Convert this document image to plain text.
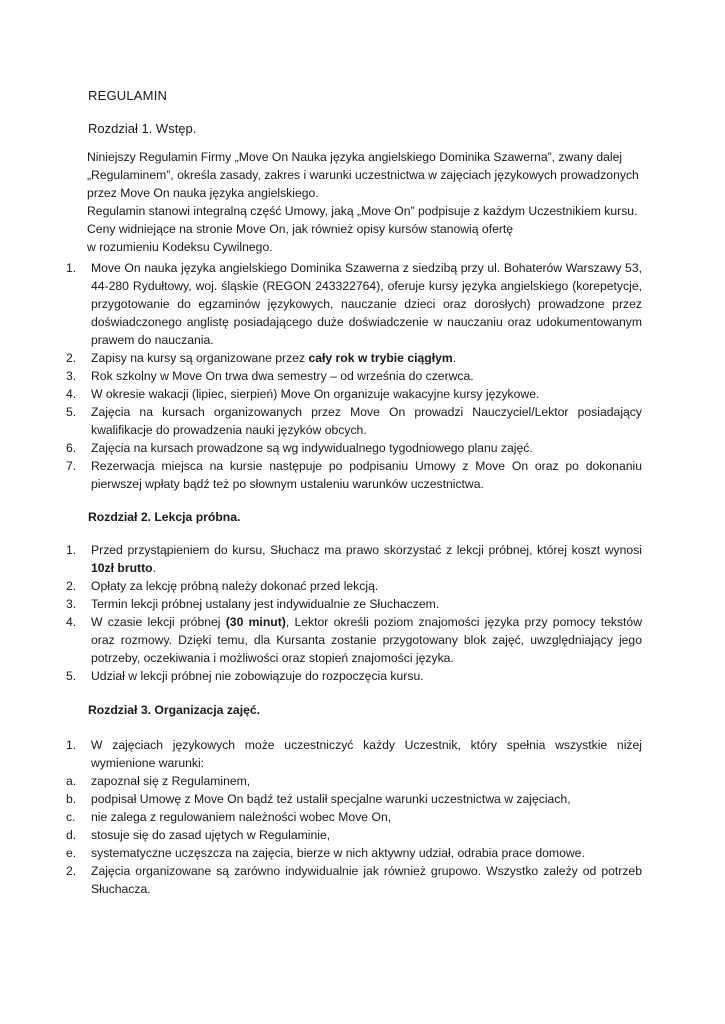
REGULAMIN
Rozdział 1. Wstęp.
Niniejszy Regulamin Firmy „Move On Nauka języka angielskiego Dominika Szawerna”, zwany dalej
„Regulaminem”, określa zasady, zakres i warunki uczestnictwa w zajęciach językowych prowadzonych
przez Move On nauka języka angielskiego.
Regulamin stanowi integralną część Umowy, jaką „Move On” podpisuje z każdym Uczestnikiem kursu.
Ceny widniejące na stronie Move On, jak również opisy kursów stanowią ofertę
w rozumieniu Kodeksu Cywilnego.
1.	Move On nauka języka angielskiego Dominika Szawerna z siedzibą przy ul. Bohaterów Warszawy 53, 44-280 Rydułtowy, woj. śląskie (REGON 243322764), oferuje kursy języka angielskiego (korepetycje, przygotowanie do egzaminów językowych, nauczanie dzieci oraz dorosłych) prowadzone przez doświadczonego anglistę posiadającego duże doświadczenie w nauczaniu oraz udokumentowanym prawem do nauczania.
2.	Zapisy na kursy są organizowane przez cały rok w trybie ciągłym.
3.	Rok szkolny w Move On trwa dwa semestry – od września do czerwca.
4.	W okresie wakacji (lipiec, sierpień) Move On organizuje wakacyjne kursy językowe.
5.	Zajęcia na kursach organizowanych przez Move On prowadzi Nauczyciel/Lektor posiadający kwalifikacje do prowadzenia nauki języków obcych.
6.	Zajęcia na kursach prowadzone są wg indywidualnego tygodniowego planu zajęć.
7.	Rezerwacja miejsca na kursie następuje po podpisaniu Umowy z Move On oraz po dokonaniu pierwszej wpłaty bądź też po słownym ustaleniu warunków uczestnictwa.
Rozdział 2. Lekcja próbna.
1.	Przed przystąpieniem do kursu, Słuchacz ma prawo skorzystać z lekcji próbnej, której koszt wynosi 10zł brutto.
2.	Opłaty za lekcję próbną należy dokonać przed lekcją.
3.	Termin lekcji próbnej ustalany jest indywidualnie ze Słuchaczem.
4.	W czasie lekcji próbnej (30 minut), Lektor określi poziom znajomości języka przy pomocy tekstów oraz rozmowy. Dzięki temu, dla Kursanta zostanie przygotowany blok zajęć, uwzględniający jego potrzeby, oczekiwania i możliwości oraz stopień znajomości języka.
5.	Udział w lekcji próbnej nie zobowiązuje do rozpoczęcia kursu.
Rozdział 3. Organizacja zajęć.
1.	W zajęciach językowych może uczestniczyć każdy Uczestnik, który spełnia wszystkie niżej wymienione warunki:
a.	zapoznał się z Regulaminem,
b.	podpisał Umowę z Move On bądź też ustalił specjalne warunki uczestnictwa w zajęciach,
c.	nie zalega z regulowaniem należności wobec Move On,
d.	stosuje się do zasad ujętych w Regulaminie,
e.	systematyczne uczęszcza na zajęcia, bierze w nich aktywny udział, odrabia prace domowe.
2.	Zajęcia organizowane są zarówno indywidualnie jak również grupowo. Wszystko zależy od potrzeb Słuchacza.
